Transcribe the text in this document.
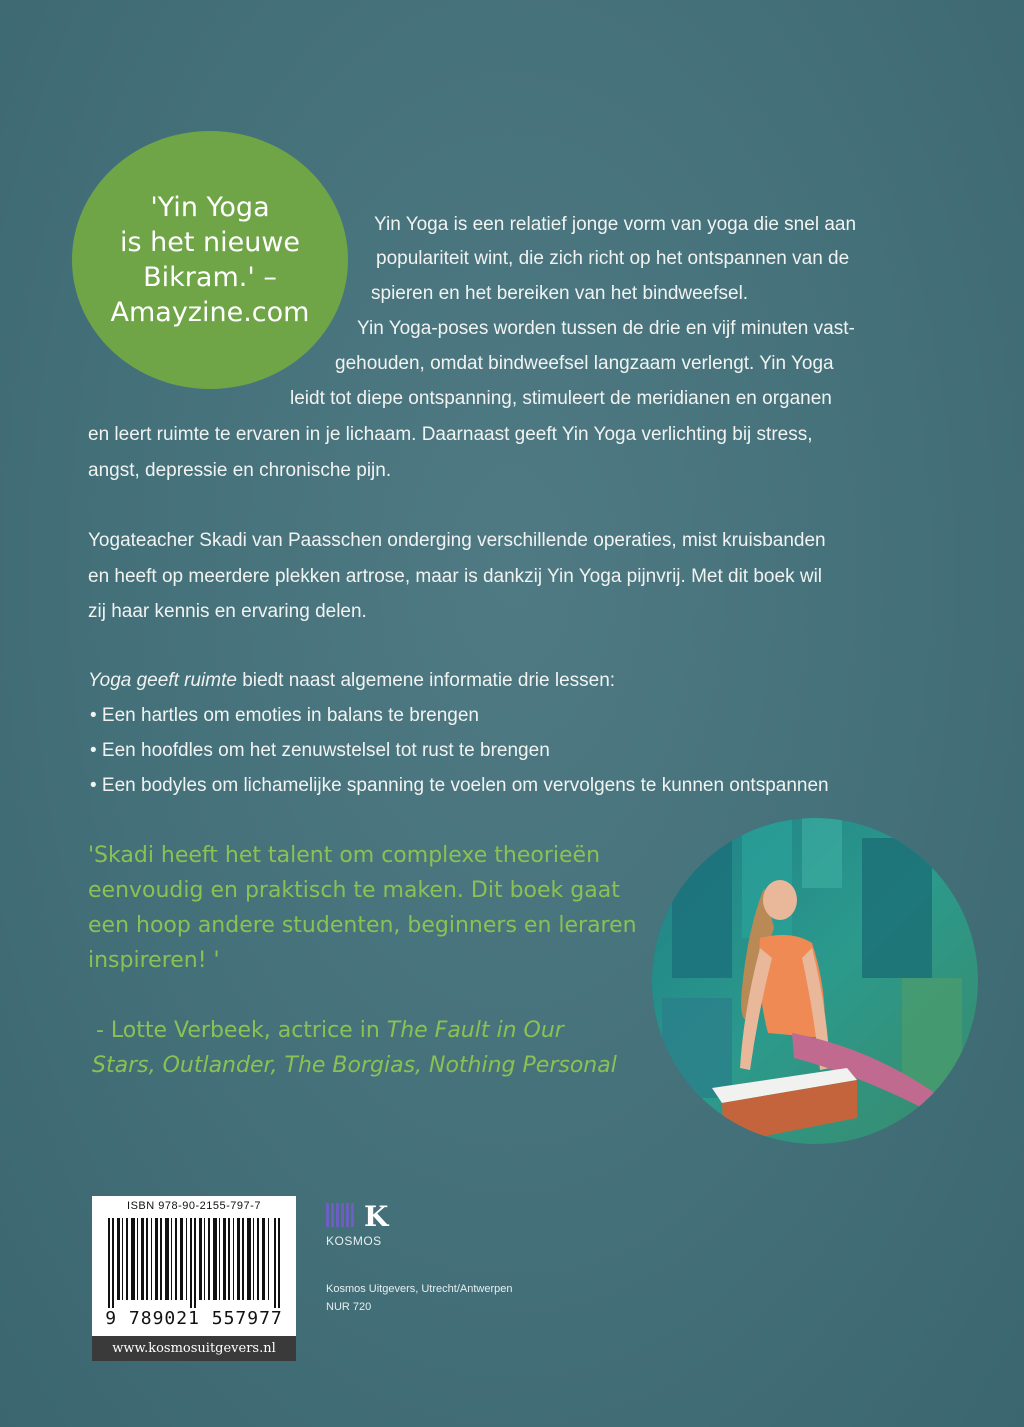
'Yin Yoga
is het nieuwe
Bikram.' –
Amayzine.com
Yin Yoga is een relatief jonge vorm van yoga die snel aan
populariteit wint, die zich richt op het ontspannen van de
spieren en het bereiken van het bindweefsel.
Yin Yoga-poses worden tussen de drie en vijf minuten vast-
gehouden, omdat bindweefsel langzaam verlengt. Yin Yoga
leidt tot diepe ontspanning, stimuleert de meridianen en organen
en leert ruimte te ervaren in je lichaam. Daarnaast geeft Yin Yoga verlichting bij stress,
angst, depressie en chronische pijn.
Yogateacher Skadi van Paasschen onderging verschillende operaties, mist kruisbanden
en heeft op meerdere plekken artrose, maar is dankzij Yin Yoga pijnvrij. Met dit boek wil
zij haar kennis en ervaring delen.
Yoga geeft ruimte biedt naast algemene informatie drie lessen:
• Een hartles om emoties in balans te brengen
• Een hoofdles om het zenuwstelsel tot rust te brengen
• Een bodyles om lichamelijke spanning te voelen om vervolgens te kunnen ontspannen
'Skadi heeft het talent om complexe theorieën
eenvoudig en praktisch te maken. Dit boek gaat
een hoop andere studenten, beginners en leraren
inspireren! '
- Lotte Verbeek, actrice in The Fault in Our
Stars, Outlander, The Borgias, Nothing Personal
ISBN 978-90-2155-797-7
9 789021 557977
www.kosmosuitgevers.nl
K
KOSMOS
Kosmos Uitgevers, Utrecht/Antwerpen
NUR 720
